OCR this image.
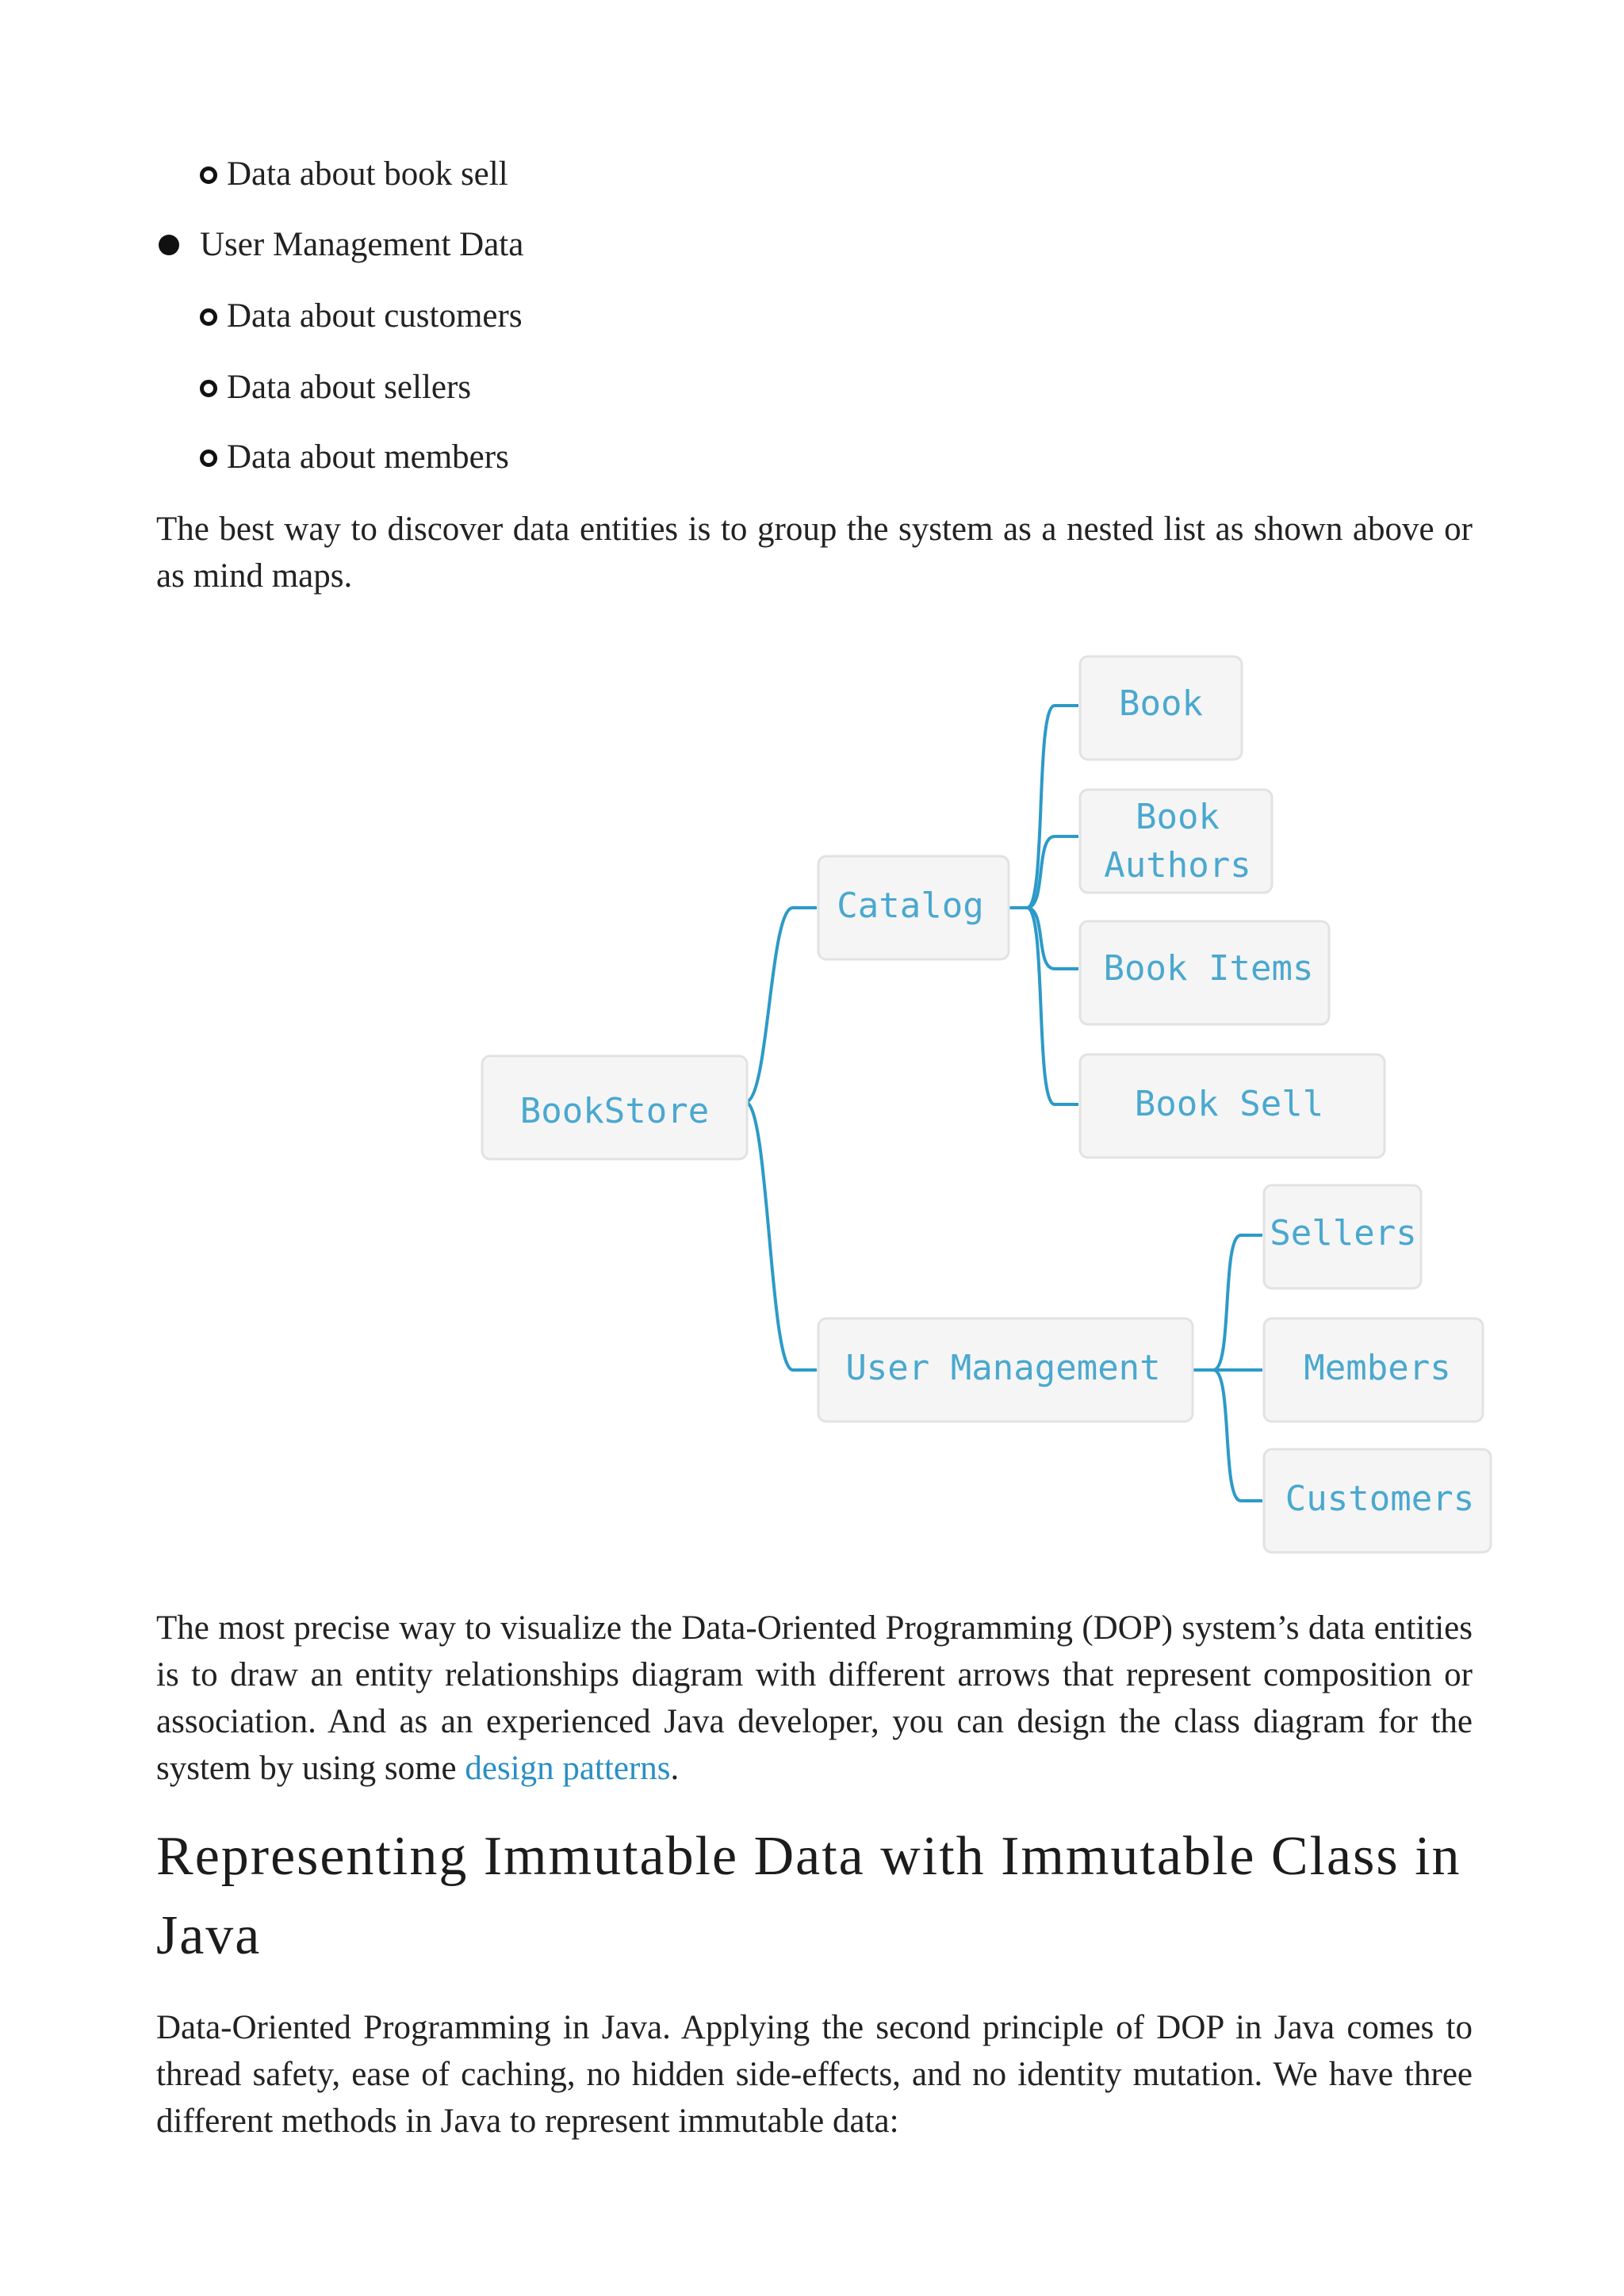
Data about book sell
User Management Data
Data about customers
Data about sellers
Data about members

The best way to discover data entities is to group the system as a nested list as shown above or as mind maps.

BookStore
Catalog
Book
Book
Authors
Book Items
Book Sell
User Management
Sellers
Members
Customers

The most precise way to visualize the Data-Oriented Programming (DOP) system’s data entities is to draw an entity relationships diagram with different arrows that represent composition or association. And as an experienced Java developer, you can design the class diagram for the system by using some design patterns.

Representing Immutable Data with Immutable Class in Java

Data-Oriented Programming in Java. Applying the second principle of DOP in Java comes to thread safety, ease of caching, no hidden side-effects, and no identity mutation. We have three different methods in Java to represent immutable data:
